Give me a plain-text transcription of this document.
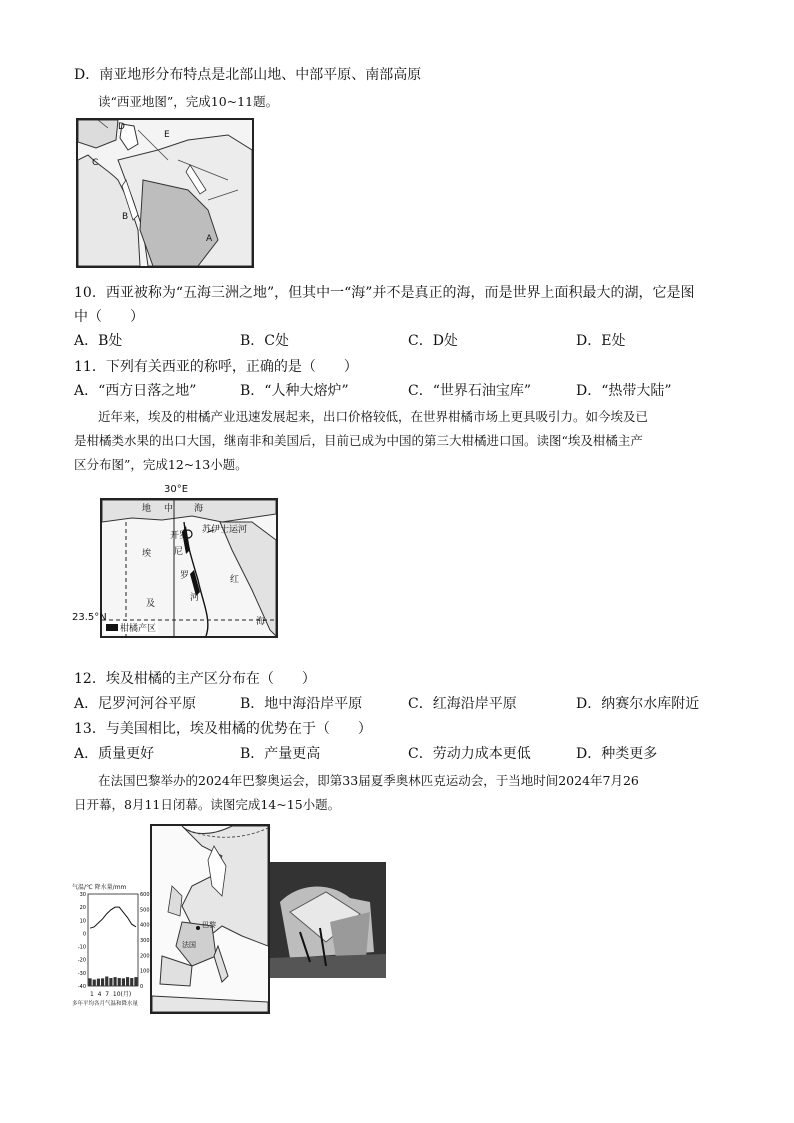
D．南亚地形分布特点是北部山地、中部平原、南部高原
读“西亚地图”，完成10~11题。
D
E
C
B
A
10．西亚被称为“五海三洲之地”，但其中一“海”并不是真正的海，而是世界上面积最大的湖，它是图
中（　　）
A．B处	B．C处	C．D处	D．E处
11．下列有关西亚的称呼，正确的是（　　）
A．“西方日落之地”	B．“人种大熔炉”	C．“世界石油宝库”	D．“热带大陆”
近年来，埃及的柑橘产业迅速发展起来，出口价格较低，在世界柑橘市场上更具吸引力。如今埃及已
是柑橘类水果的出口大国，继南非和美国后，目前已成为中国的第三大柑橘进口国。读图“埃及柑橘主产
区分布图”，完成12~13小题。
30°E
地 中 海
苏伊士运河
开罗
尼
罗
河
埃
及
红
海
柑橘产区
23.5°N
12．埃及柑橘的主产区分布在（　　）
A．尼罗河河谷平原	B．地中海沿岸平原	C．红海沿岸平原	D．纳赛尔水库附近
13．与美国相比，埃及柑橘的优势在于（　　）
A．质量更好	B．产量更高	C．劳动力成本更低	D．种类更多
在法国巴黎举办的2024年巴黎奥运会，即第33届夏季奥林匹克运动会，于当地时间2024年7月26
日开幕，8月11日闭幕。读图完成14~15小题。
气温/℃ 降水量/mm
30
20
10
0
-10
-20
-30
-40
600
500
400
300
200
100
0
1  4  7  10(月)
多年平均各月气温和降水量
巴黎
法国
